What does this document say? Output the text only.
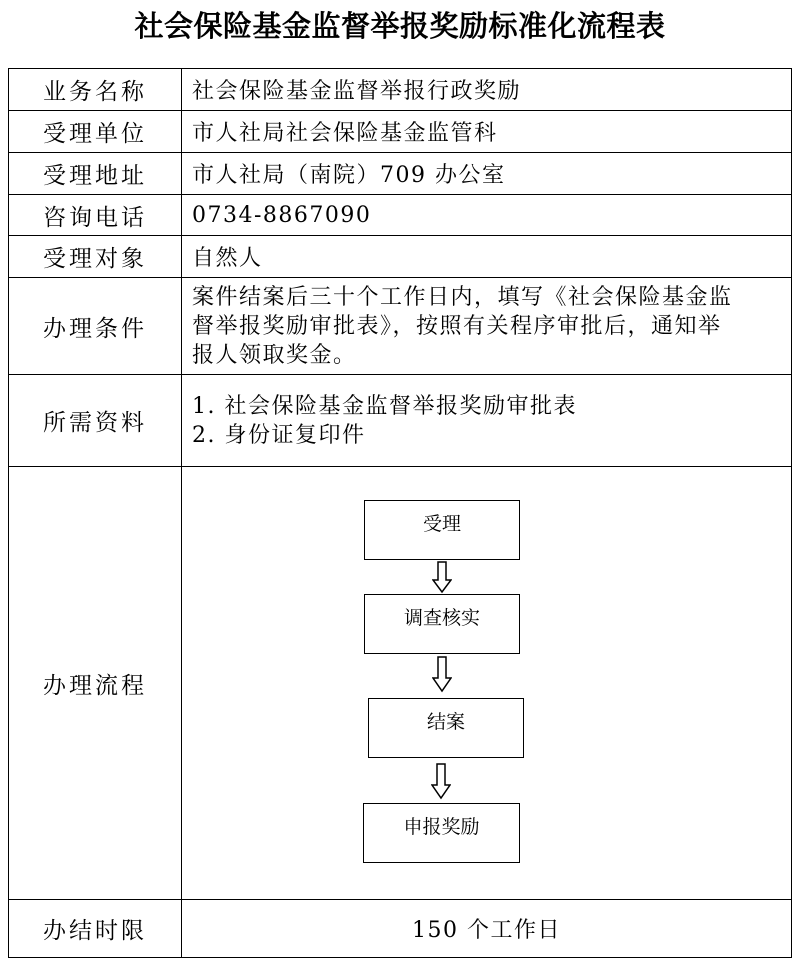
社会保险基金监督举报奖励标准化流程表
业务名称	社会保险基金监督举报行政奖励
受理单位	市人社局社会保险基金监管科
受理地址	市人社局（南院）709 办公室
咨询电话	0734-8867090
受理对象	自然人
办理条件	案件结案后三十个工作日内，填写《社会保险基金监
督举报奖励审批表》，按照有关程序审批后，通知举
报人领取奖金。

所需资料	1. 社会保险基金监督举报奖励审批表
2. 身份证复印件

办理流程	受理
调查核实
结案
申报奖励

办结时限	150 个工作日
